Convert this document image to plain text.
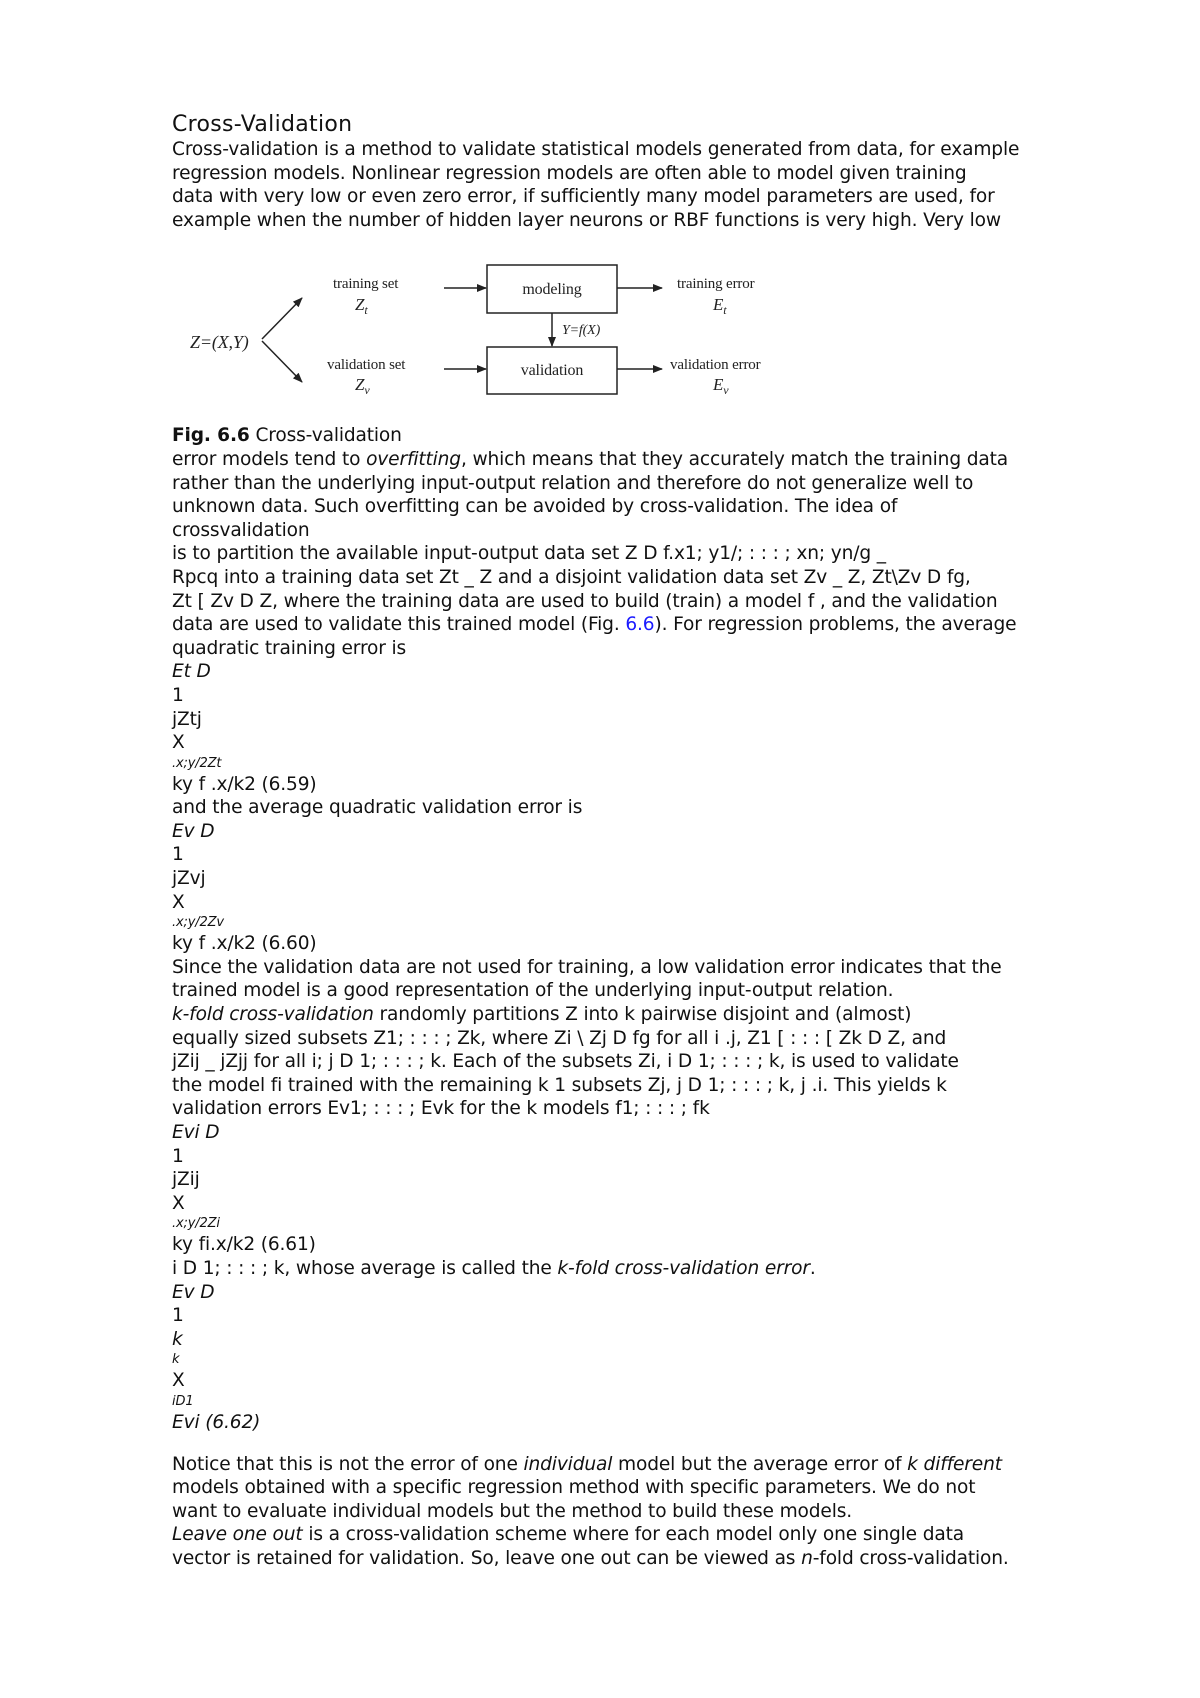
Cross-Validation

Cross-validation is a method to validate statistical models generated from data, for example

regression models. Nonlinear regression models are often able to model given training

data with very low or even zero error, if sufficiently many model parameters are used, for

example when the number of hidden layer neurons or RBF functions is very high. Very low

Z=(X,Y)
training set
$Z_t$
validation set
$Z_v$
modeling
validation
Y=f(X)
training error
$E_t$
validation error
$E_v$

Fig. 6.6 Cross-validation

error models tend to overfitting, which means that they accurately match the training data

rather than the underlying input-output relation and therefore do not generalize well to

unknown data. Such overfitting can be avoided by cross-validation. The idea of

crossvalidation

is to partition the available input-output data set Z D f.x1; y1/; : : : ; xn; yn/g _

Rpcq into a training data set Zt _ Z and a disjoint validation data set Zv _ Z, Zt\Zv D fg,

Zt [ Zv D Z, where the training data are used to build (train) a model f , and the validation

data are used to validate this trained model (Fig. 6.6). For regression problems, the average

quadratic training error is

Et D

1

jZtj

X

.x;y/2Zt

ky f .x/k2 (6.59)

and the average quadratic validation error is

Ev D

1

jZvj

X

.x;y/2Zv

ky f .x/k2 (6.60)

Since the validation data are not used for training, a low validation error indicates that the

trained model is a good representation of the underlying input-output relation.

k-fold cross-validation randomly partitions Z into k pairwise disjoint and (almost)

equally sized subsets Z1; : : : ; Zk, where Zi \ Zj D fg for all i .j, Z1 [ : : : [ Zk D Z, and

jZij _ jZjj for all i; j D 1; : : : ; k. Each of the subsets Zi, i D 1; : : : ; k, is used to validate

the model fi trained with the remaining k 1 subsets Zj, j D 1; : : : ; k, j .i. This yields k

validation errors Ev1; : : : ; Evk for the k models f1; : : : ; fk

Evi D

1

jZij

X

.x;y/2Zi

ky fi.x/k2 (6.61)

i D 1; : : : ; k, whose average is called the k-fold cross-validation error.

Ev D

1

k

k

X

iD1

Evi (6.62)

Notice that this is not the error of one individual model but the average error of k different

models obtained with a specific regression method with specific parameters. We do not

want to evaluate individual models but the method to build these models.

Leave one out is a cross-validation scheme where for each model only one single data

vector is retained for validation. So, leave one out can be viewed as n-fold cross-validation.
